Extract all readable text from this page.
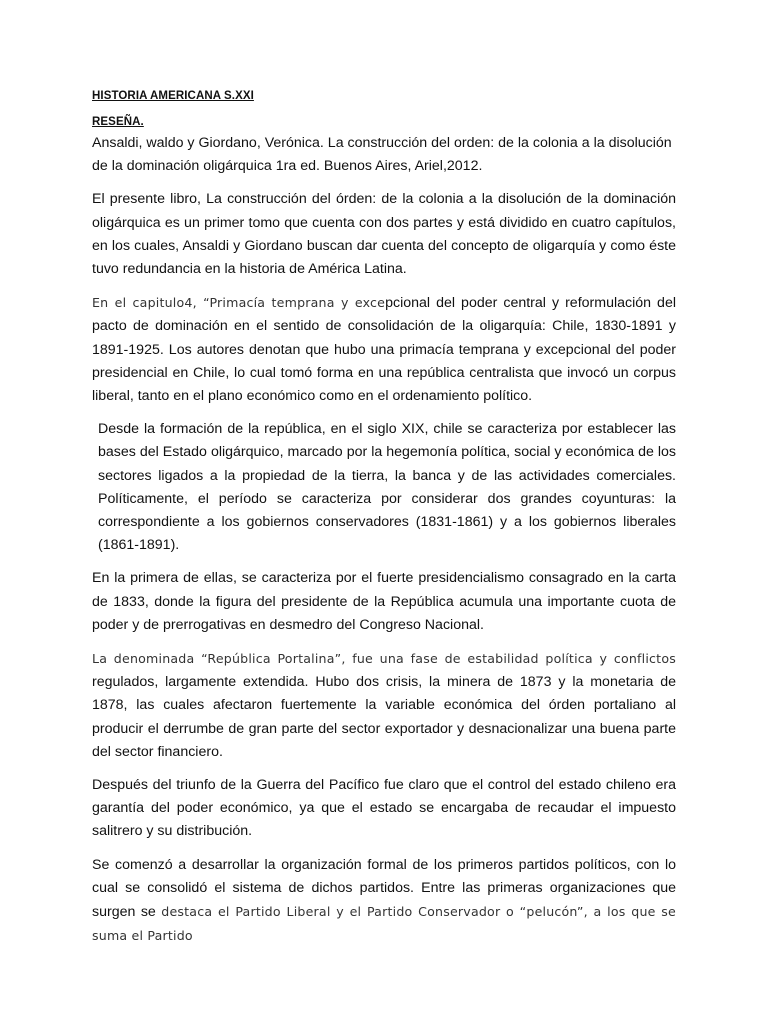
HISTORIA AMERICANA S.XXI

RESEÑA.

Ansaldi, waldo y Giordano, Verónica. La construcción del orden: de la colonia a la disolución de la dominación oligárquica 1ra ed. Buenos Aires, Ariel,2012.

El presente libro, La construcción del órden: de la colonia a la disolución de la dominación oligárquica es un primer tomo que cuenta con dos partes y está dividido en cuatro capítulos, en los cuales, Ansaldi y Giordano buscan dar cuenta del concepto de oligarquía y como éste tuvo redundancia en la historia de América Latina.

En el capitulo4, “Primacía temprana y excepcional del poder central y reformulación del pacto de dominación en el sentido de consolidación de la oligarquía: Chile, 1830-1891 y 1891-1925. Los autores denotan que hubo una primacía temprana y excepcional del poder presidencial en Chile, lo cual tomó forma en una república centralista que invocó un corpus liberal, tanto en el plano económico como en el ordenamiento político.

Desde la formación de la república, en el siglo XIX, chile se caracteriza por establecer las bases del Estado oligárquico, marcado por la hegemonía política, social y económica de los sectores ligados a la propiedad de la tierra, la banca y de las actividades comerciales. Políticamente, el período se caracteriza por considerar dos grandes coyunturas: la correspondiente a los gobiernos conservadores (1831-1861) y a los gobiernos liberales (1861-1891).

En la primera de ellas, se caracteriza por el fuerte presidencialismo consagrado en la carta de 1833, donde la figura del presidente de la República acumula una importante cuota de poder y de prerrogativas en desmedro del Congreso Nacional.

La denominada “República Portalina”, fue una fase de estabilidad política y conflictos regulados, largamente extendida. Hubo dos crisis, la minera de 1873 y la monetaria de 1878, las cuales afectaron fuertemente la variable económica del órden portaliano al producir el derrumbe de gran parte del sector exportador y desnacionalizar una buena parte del sector financiero.

Después del triunfo de la Guerra del Pacífico fue claro que el control del estado chileno era garantía del poder económico, ya que el estado se encargaba de recaudar el impuesto salitrero y su distribución.

Se comenzó a desarrollar la organización formal de los primeros partidos políticos, con lo cual se consolidó el sistema de dichos partidos. Entre las primeras organizaciones que surgen se destaca el Partido Liberal y el Partido Conservador o “pelucón”, a los que se suma el Partido
